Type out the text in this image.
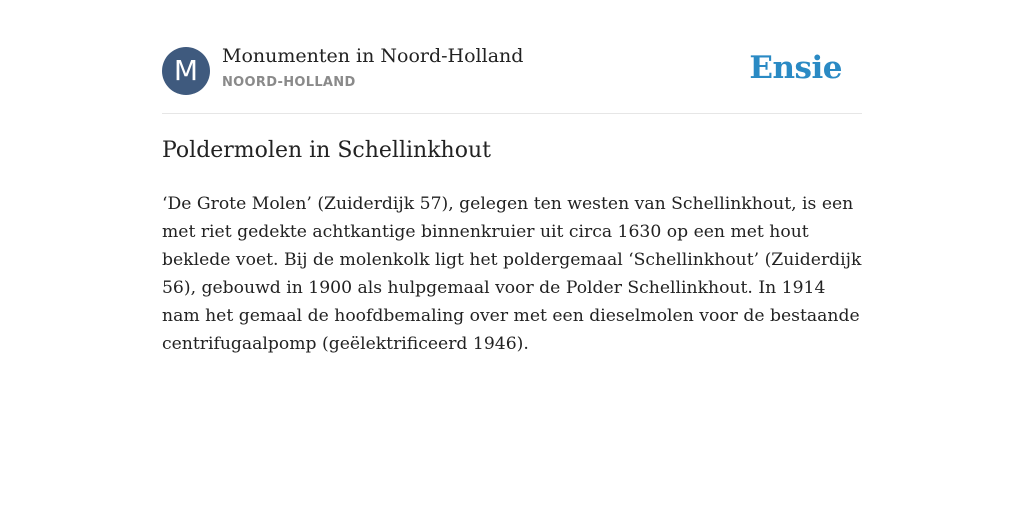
M	Monumenten in Noord-Holland
NOORD-HOLLAND	Ensie
Poldermolen in Schellinkhout

‘De Grote Molen’ (Zuiderdijk 57), gelegen ten westen van Schellinkhout, is een met riet gedekte achtkantige binnenkruier uit circa 1630 op een met hout beklede voet. Bij de molenkolk ligt het poldergemaal ‘Schellinkhout’ (Zuiderdijk 56), gebouwd in 1900 als hulpgemaal voor de Polder Schellinkhout. In 1914 nam het gemaal de hoofdbemaling over met een dieselmolen voor de bestaande centrifugaalpomp (geëlektrificeerd 1946).
